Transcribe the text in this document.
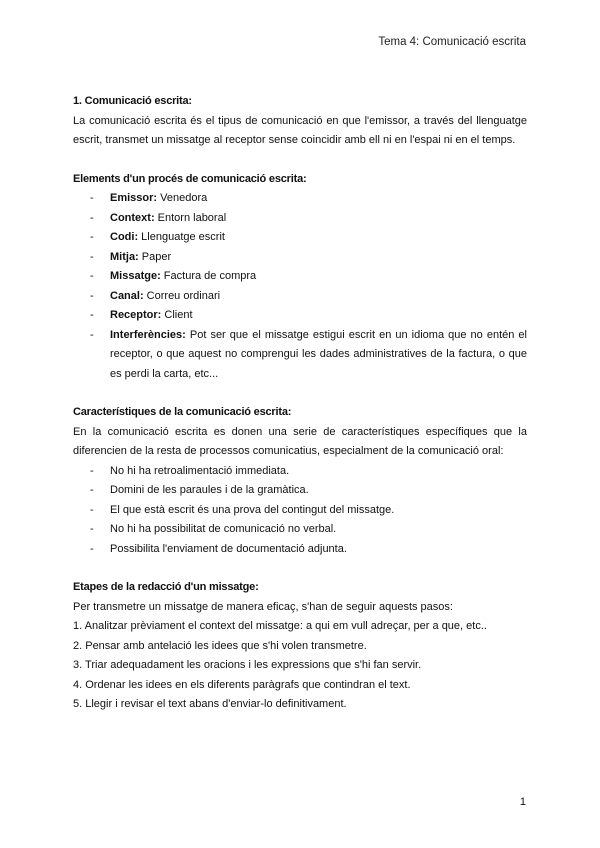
Tema 4: Comunicació escrita
1. Comunicació escrita:

La comunicació escrita és el tipus de comunicació en que l'emissor, a través del llenguatge escrit, transmet un missatge al receptor sense coincidir amb ell ni en l'espai ni en el temps.

Elements d'un procés de comunicació escrita:
- Emissor: Venedora
- Context: Entorn laboral
- Codi: Llenguatge escrit
- Mitja: Paper
- Missatge: Factura de compra
- Canal: Correu ordinari
- Receptor: Client
- Interferències: Pot ser que el missatge estigui escrit en un idioma que no entén el receptor, o que aquest no comprengui les dades administratives de la factura, o que es perdi la carta, etc...
Característiques de la comunicació escrita:

En la comunicació escrita es donen una serie de característiques específiques que la diferencien de la resta de processos comunicatius, especialment de la comunicació oral:

- No hi ha retroalimentació immediata.
- Domini de les paraules i de la gramàtica.
- El que està escrit és una prova del contingut del missatge.
- No hi ha possibilitat de comunicació no verbal.
- Possibilita l'enviament de documentació adjunta.
Etapes de la redacció d'un missatge:

Per transmetre un missatge de manera eficaç, s'han de seguir aquests pasos:

1. Analitzar prèviament el context del missatge: a qui em vull adreçar, per a que, etc..

2. Pensar amb antelació les idees que s'hi volen transmetre.

3. Triar adequadament les oracions i les expressions que s'hi fan servir.

4. Ordenar les idees en els diferents paràgrafs que contindran el text.

5. Llegir i revisar el text abans d'enviar-lo definitivament.

1
